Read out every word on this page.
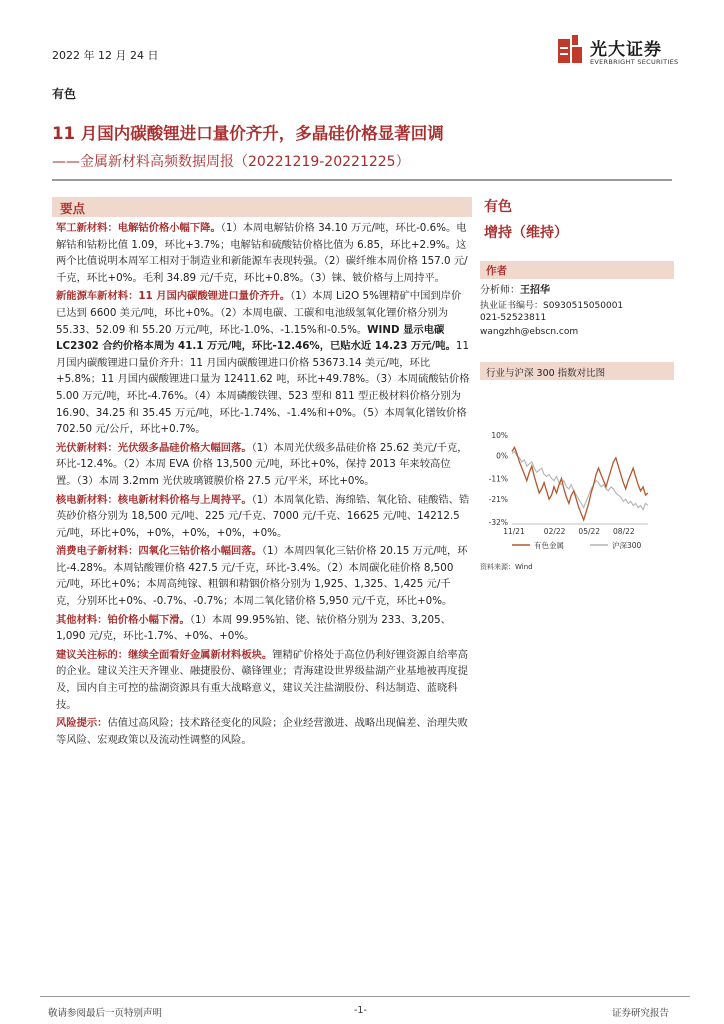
2022 年 12 月 24 日	光大证券
EVERBRIGHT SECURITIES
有色
11 月国内碳酸锂进口量价齐升，多晶硅价格显著回调
——金属新材料高频数据周报（20221219-20221225）
要点

军工新材料：电解钴价格小幅下降。（1）本周电解钴价格 34.10 万元/吨，环比-0.6%。电解钴和钴粉比值 1.09，环比+3.7%；电解钴和硫酸钴价格比值为 6.85，环比+2.9%。这两个比值说明本周军工相对于制造业和新能源车表现转强。（2）碳纤维本周价格 157.0 元/千克，环比+0%。毛利 34.89 元/千克，环比+0.8%。（3）铼、铍价格与上周持平。

新能源车新材料：11 月国内碳酸锂进口量价齐升。（1）本周 Li2O 5%锂精矿中国到岸价已达到 6600 美元/吨，环比+0%。（2）本周电碳、工碳和电池级氢氧化锂价格分别为 55.33、52.09 和 55.20 万元/吨，环比-1.0%、-1.15%和-0.5%。WIND 显示电碳 LC2302 合约价格本周为 41.1 万元/吨，环比-12.46%，已贴水近 14.23 万元/吨。11 月国内碳酸锂进口量价齐升：11 月国内碳酸锂进口价格 53673.14 美元/吨，环比+5.8%；11 月国内碳酸锂进口量为 12411.62 吨，环比+49.78%。（3）本周硫酸钴价格 5.00 万元/吨，环比-4.76%。（4）本周磷酸铁锂、523 型和 811 型正极材料价格分别为 16.90、34.25 和 35.45 万元/吨，环比-1.74%、-1.4%和+0%。（5）本周氧化镨钕价格 702.50 元/公斤，环比+0.7%。

光伏新材料：光伏级多晶硅价格大幅回落。（1）本周光伏级多晶硅价格 25.62 美元/千克，环比-12.4%。（2）本周 EVA 价格 13,500 元/吨，环比+0%，保持 2013 年来较高位置。（3）本周 3.2mm 光伏玻璃镀膜价格 27.5 元/平米，环比+0%。

核电新材料：核电新材料价格与上周持平。（1）本周氧化锆、海绵锆、氧化铪、硅酸锆、锆英砂价格分别为 18,500 元/吨、225 元/千克、7000 元/千克、16625 元/吨、14212.5 元/吨，环比+0%，+0%，+0%，+0%，+0%。

消费电子新材料：四氧化三钴价格小幅回落。（1）本周四氧化三钴价格 20.15 万元/吨，环比-4.28%。本周钴酸锂价格 427.5 元/千克，环比-3.4%。（2）本周碳化硅价格 8,500 元/吨，环比+0%；本周高纯镓、粗铟和精铟价格分别为 1,925、1,325、1,425 元/千克，分别环比+0%、-0.7%、-0.7%；本周二氧化锗价格 5,950 元/千克，环比+0%。

其他材料：铂价格小幅下滑。（1）本周 99.95%铂、铑、铱价格分别为 233、3,205、1,090 元/克，环比-1.7%、+0%、+0%。

建议关注标的：继续全面看好金属新材料板块。锂精矿价格处于高位仍利好锂资源自给率高的企业。建议关注天齐锂业、融捷股份、赣锋锂业；青海建设世界级盐湖产业基地被再度提及，国内自主可控的盐湖资源具有重大战略意义，建议关注盐湖股份、科达制造、蓝晓科技。

风险提示：估值过高风险；技术路径变化的风险；企业经营激进、战略出现偏差、治理失败等风险、宏观政策以及流动性调整的风险。

有色
增持（维持）
作者
分析师：王招华
执业证书编号：S0930515050001
021-52523811
wangzhh@ebscn.com
行业与沪深 300 指数对比图
10%
0%
-11%
-21%
-32%
11/21	02/22 05/22 08/22
有色金属	沪深300
资料来源：Wind
敬请参阅最后一页特别声明	-1-	证券研究报告
